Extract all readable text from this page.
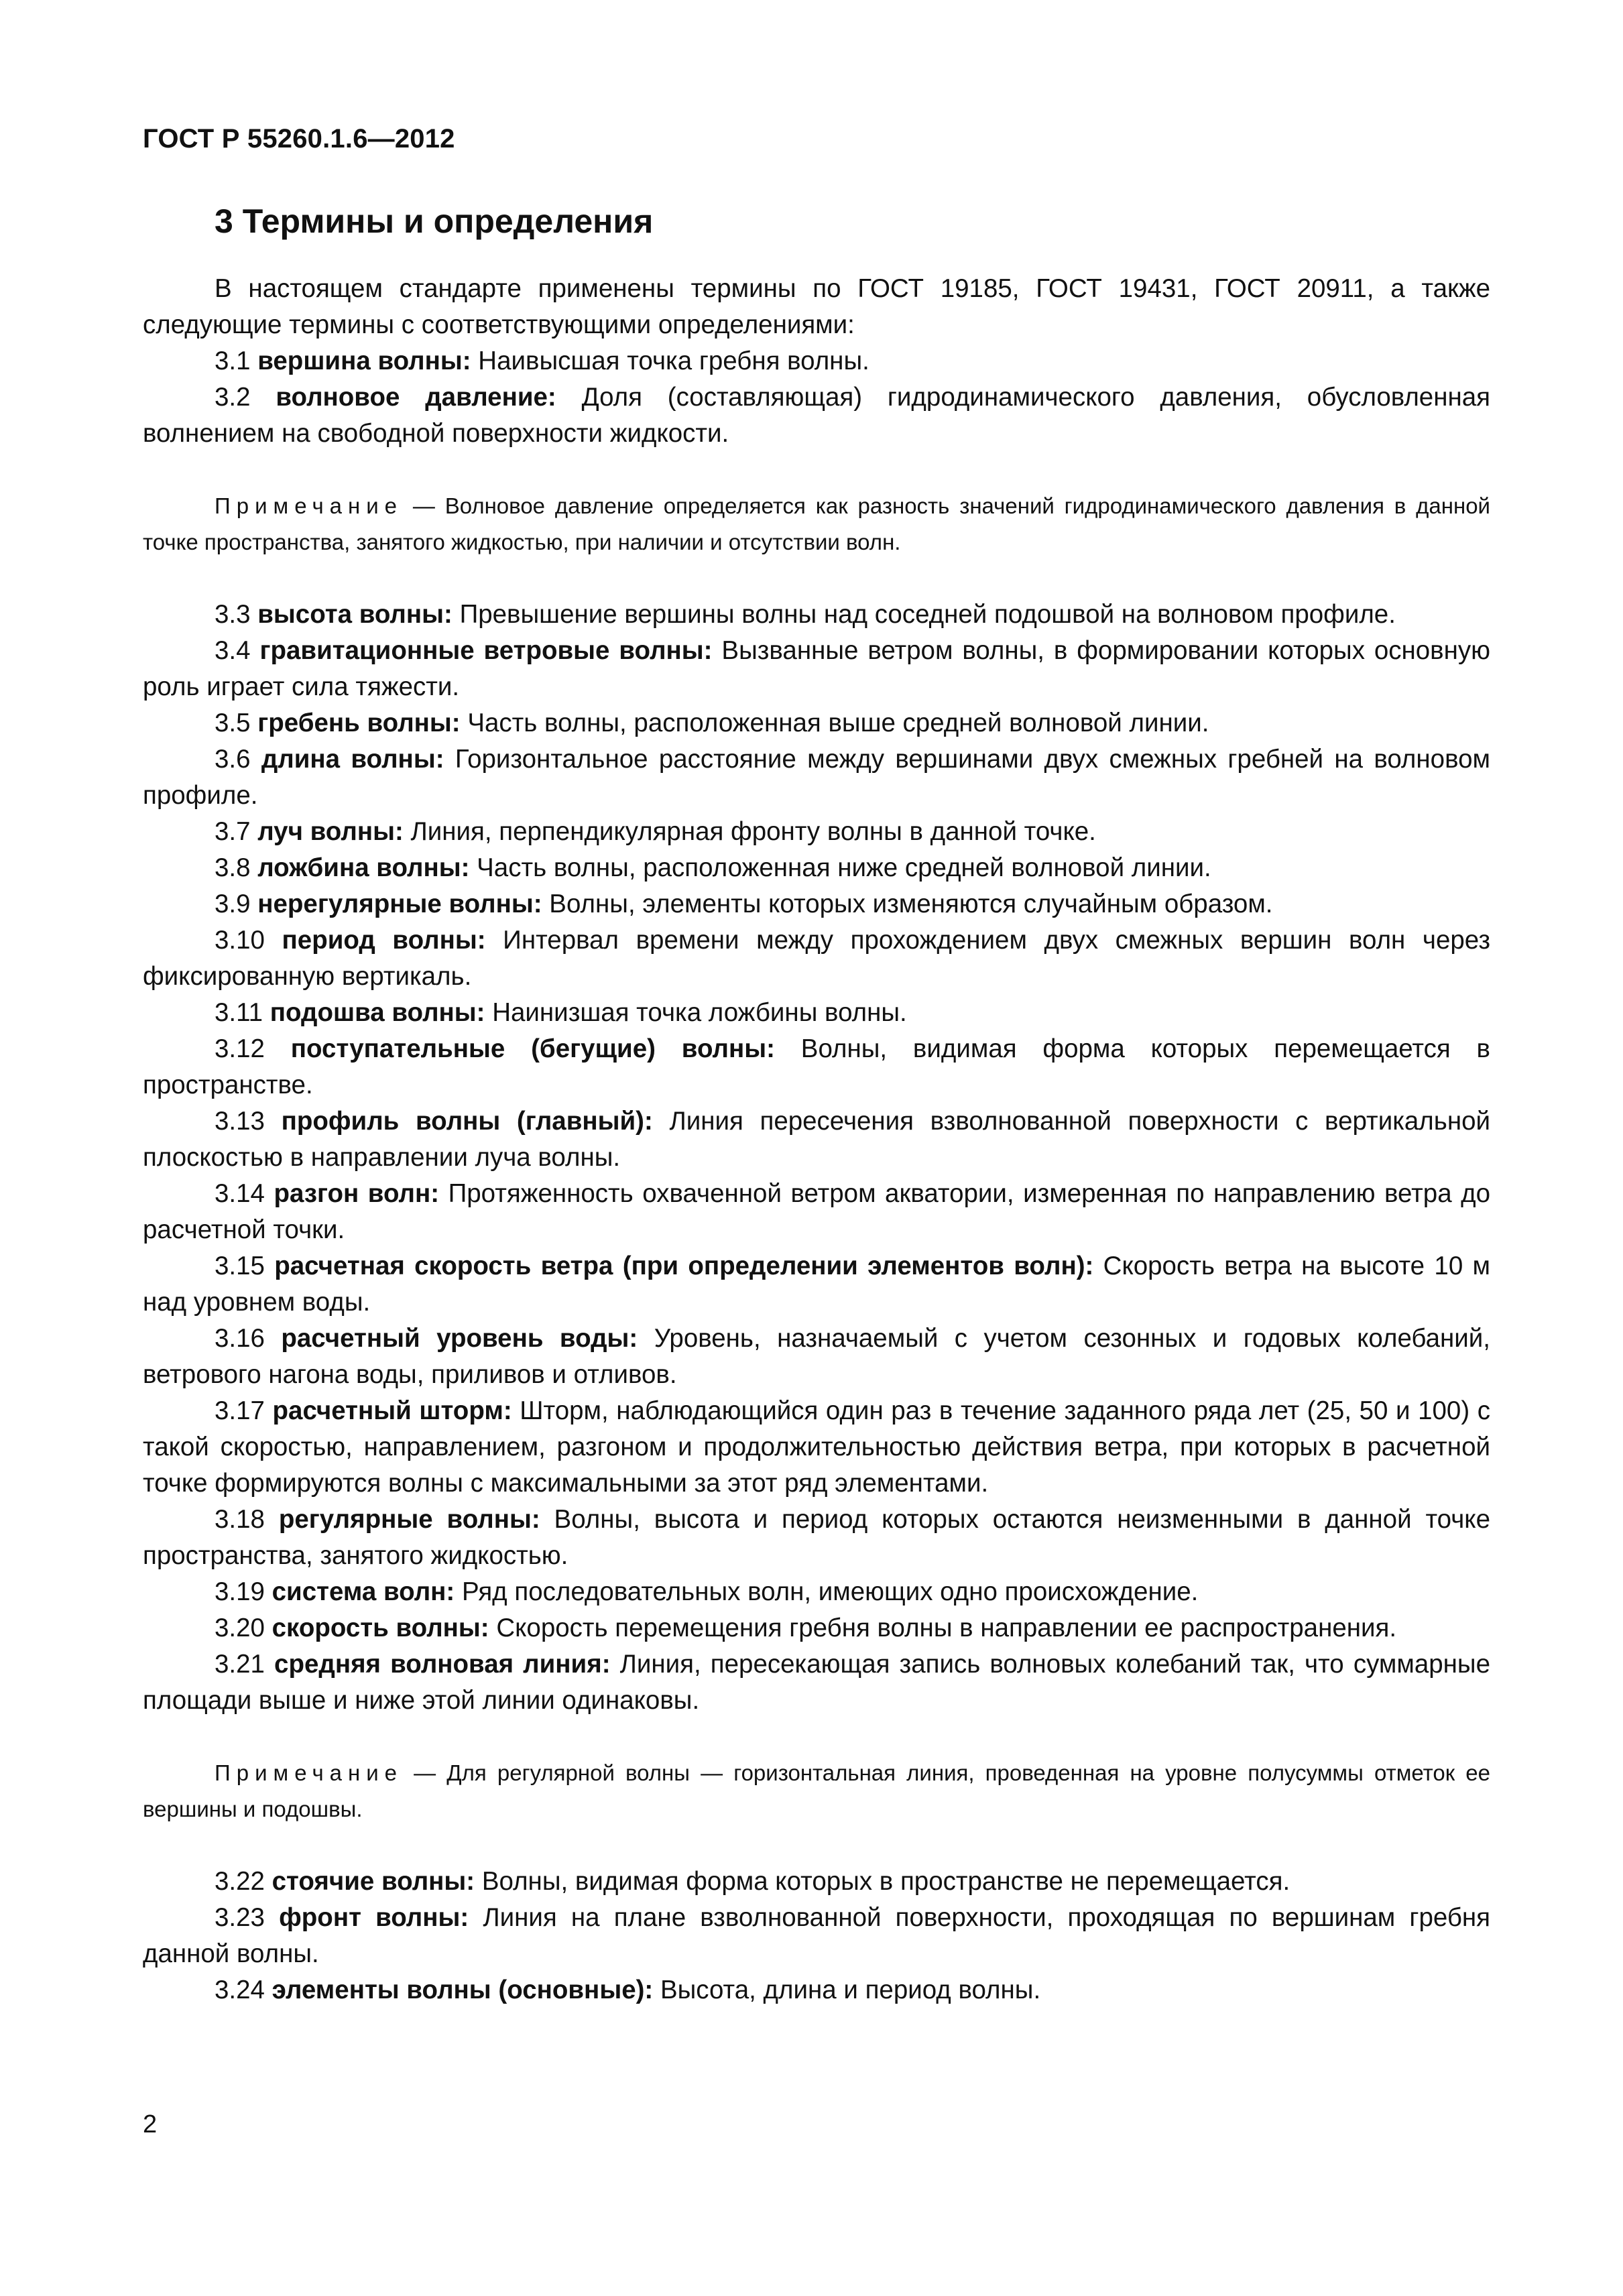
ГОСТ Р 55260.1.6—2012
3 Термины и определения

В настоящем стандарте применены термины по ГОСТ 19185, ГОСТ 19431, ГОСТ 20911, а также следующие термины с соответствующими определениями:

3.1 вершина волны: Наивысшая точка гребня волны.

3.2 волновое давление: Доля (составляющая) гидродинамического давления, обусловленная волнением на свободной поверхности жидкости.

Примечание — Волновое давление определяется как разность значений гидродинамического давления в данной точке пространства, занятого жидкостью, при наличии и отсутствии волн.

3.3 высота волны: Превышение вершины волны над соседней подошвой на волновом профиле.

3.4 гравитационные ветровые волны: Вызванные ветром волны, в формировании которых основную роль играет сила тяжести.

3.5 гребень волны: Часть волны, расположенная выше средней волновой линии.

3.6 длина волны: Горизонтальное расстояние между вершинами двух смежных гребней на волновом профиле.

3.7 луч волны: Линия, перпендикулярная фронту волны в данной точке.

3.8 ложбина волны: Часть волны, расположенная ниже средней волновой линии.

3.9 нерегулярные волны: Волны, элементы которых изменяются случайным образом.

3.10 период волны: Интервал времени между прохождением двух смежных вершин волн через фиксированную вертикаль.

3.11 подошва волны: Наинизшая точка ложбины волны.

3.12 поступательные (бегущие) волны: Волны, видимая форма которых перемещается в пространстве.

3.13 профиль волны (главный): Линия пересечения взволнованной поверхности с вертикальной плоскостью в направлении луча волны.

3.14 разгон волн: Протяженность охваченной ветром акватории, измеренная по направлению ветра до расчетной точки.

3.15 расчетная скорость ветра (при определении элементов волн): Скорость ветра на высоте 10 м над уровнем воды.

3.16 расчетный уровень воды: Уровень, назначаемый с учетом сезонных и годовых колебаний, ветрового нагона воды, приливов и отливов.

3.17 расчетный шторм: Шторм, наблюдающийся один раз в течение заданного ряда лет (25, 50 и 100) с такой скоростью, направлением, разгоном и продолжительностью действия ветра, при которых в расчетной точке формируются волны с максимальными за этот ряд элементами.

3.18 регулярные волны: Волны, высота и период которых остаются неизменными в данной точке пространства, занятого жидкостью.

3.19 система волн: Ряд последовательных волн, имеющих одно происхождение.

3.20 скорость волны: Скорость перемещения гребня волны в направлении ее распространения.

3.21 средняя волновая линия: Линия, пересекающая запись волновых колебаний так, что суммарные площади выше и ниже этой линии одинаковы.

Примечание — Для регулярной волны — горизонтальная линия, проведенная на уровне полусуммы отметок ее вершины и подошвы.

3.22 стоячие волны: Волны, видимая форма которых в пространстве не перемещается.

3.23 фронт волны: Линия на плане взволнованной поверхности, проходящая по вершинам гребня данной волны.

3.24 элементы волны (основные): Высота, длина и период волны.

2
